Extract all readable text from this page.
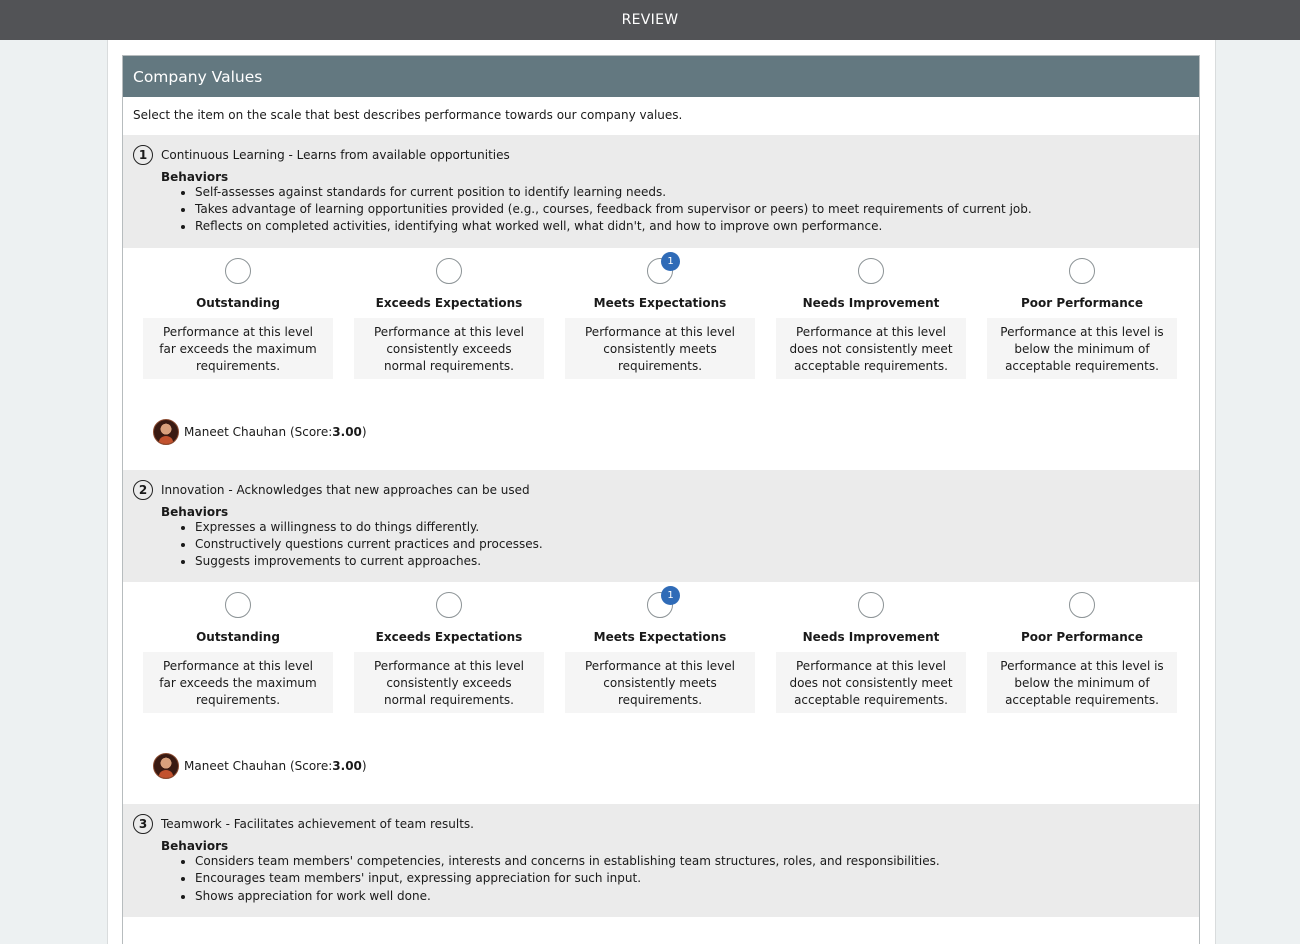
REVIEW
Company Values
Select the item on the scale that best describes performance towards our company values.
1	Continuous Learning - Learns from available opportunities
Behaviors
• Self-assesses against standards for current position to identify learning needs.
• Takes advantage of learning opportunities provided (e.g., courses, feedback from supervisor or peers) to meet requirements of current job.
• Reflects on completed activities, identifying what worked well, what didn't, and how to improve own performance.
Outstanding
Performance at this level far exceeds the maximum requirements.
Exceeds Expectations
Performance at this level consistently exceeds normal requirements.
1
Meets Expectations
Performance at this level consistently meets requirements.
Needs Improvement
Performance at this level does not consistently meet acceptable requirements.
Poor Performance
Performance at this level is below the minimum of acceptable requirements.
Maneet Chauhan
(Score: 3.00 )
2	Innovation - Acknowledges that new approaches can be used
Behaviors
• Expresses a willingness to do things differently.
• Constructively questions current practices and processes.
• Suggests improvements to current approaches.
Outstanding
Performance at this level far exceeds the maximum requirements.
Exceeds Expectations
Performance at this level consistently exceeds normal requirements.
1
Meets Expectations
Performance at this level consistently meets requirements.
Needs Improvement
Performance at this level does not consistently meet acceptable requirements.
Poor Performance
Performance at this level is below the minimum of acceptable requirements.
Maneet Chauhan
(Score: 3.00 )
3	Teamwork - Facilitates achievement of team results.
Behaviors
• Considers team members' competencies, interests and concerns in establishing team structures, roles, and responsibilities.
• Encourages team members' input, expressing appreciation for such input.
• Shows appreciation for work well done.
